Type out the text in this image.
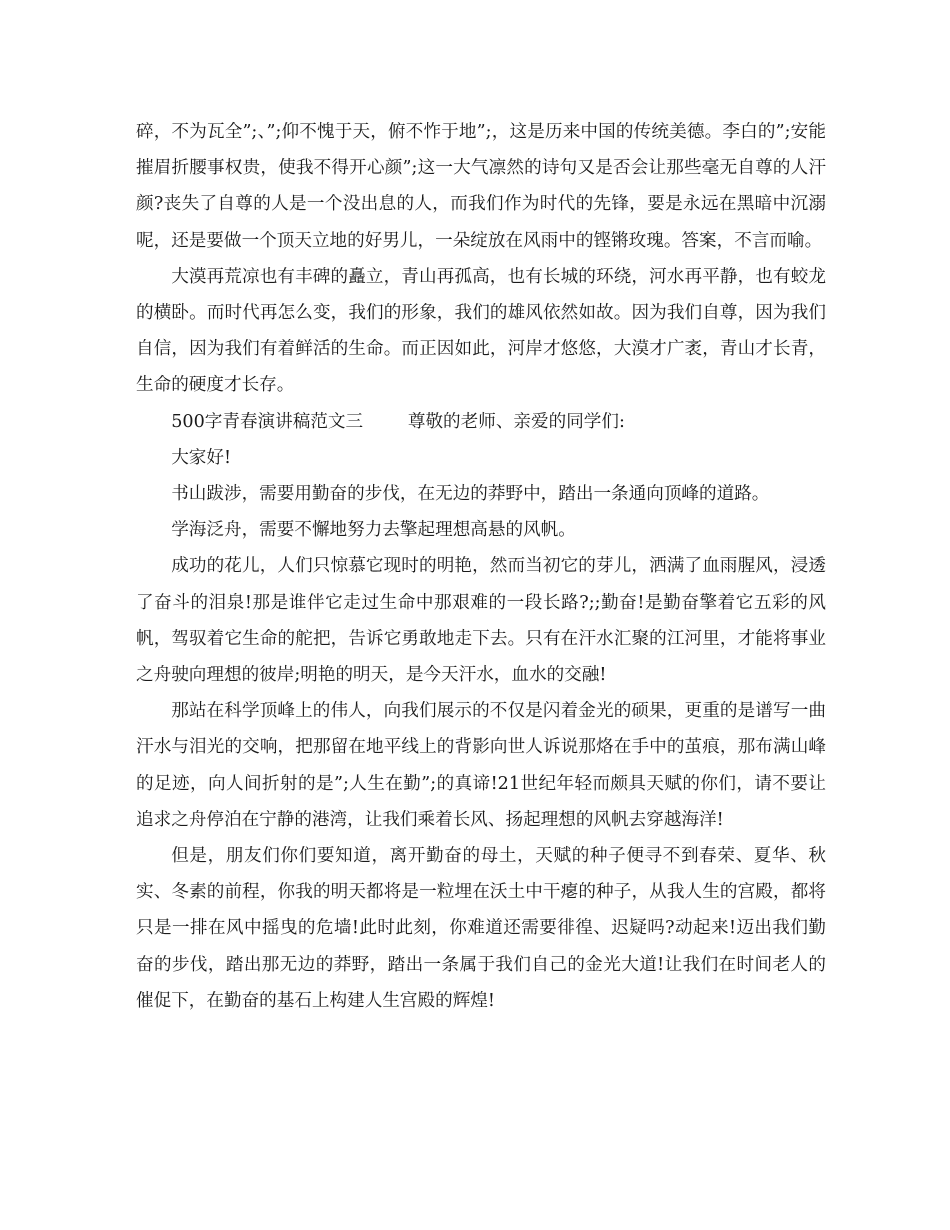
碎，不为瓦全”;、”;仰不愧于天，俯不怍于地”;，这是历来中国的传统美德。李白的”;安能摧眉折腰事权贵，使我不得开心颜”;这一大气凛然的诗句又是否会让那些毫无自尊的人汗颜?丧失了自尊的人是一个没出息的人，而我们作为时代的先锋，要是永远在黑暗中沉溺呢，还是要做一个顶天立地的好男儿，一朵绽放在风雨中的铿锵玫瑰。答案，不言而喻。

大漠再荒凉也有丰碑的矗立，青山再孤高，也有长城的环绕，河水再平静，也有蛟龙的横卧。而时代再怎么变，我们的形象，我们的雄风依然如故。因为我们自尊，因为我们自信，因为我们有着鲜活的生命。而正因如此，河岸才悠悠，大漠才广袤，青山才长青，生命的硬度才长存。

500字青春演讲稿范文三        尊敬的老师、亲爱的同学们:

大家好!

书山跋涉，需要用勤奋的步伐，在无边的莽野中，踏出一条通向顶峰的道路。

学海泛舟，需要不懈地努力去擎起理想高悬的风帆。

成功的花儿，人们只惊慕它现时的明艳，然而当初它的芽儿，洒满了血雨腥风，浸透了奋斗的泪泉!那是谁伴它走过生命中那艰难的一段长路?;;勤奋!是勤奋擎着它五彩的风帆，驾驭着它生命的舵把，告诉它勇敢地走下去。只有在汗水汇聚的江河里，才能将事业之舟驶向理想的彼岸;明艳的明天，是今天汗水，血水的交融!

那站在科学顶峰上的伟人，向我们展示的不仅是闪着金光的硕果，更重的是谱写一曲汗水与泪光的交响，把那留在地平线上的背影向世人诉说那烙在手中的茧痕，那布满山峰的足迹，向人间折射的是”;人生在勤”;的真谛!21世纪年轻而颇具天赋的你们，请不要让追求之舟停泊在宁静的港湾，让我们乘着长风、扬起理想的风帆去穿越海洋!

但是，朋友们你们要知道，离开勤奋的母土，天赋的种子便寻不到春荣、夏华、秋实、冬素的前程，你我的明天都将是一粒埋在沃土中干瘪的种子，从我人生的宫殿，都将只是一排在风中摇曳的危墙!此时此刻，你难道还需要徘徨、迟疑吗?动起来!迈出我们勤奋的步伐，踏出那无边的莽野，踏出一条属于我们自己的金光大道!让我们在时间老人的催促下，在勤奋的基石上构建人生宫殿的辉煌!
